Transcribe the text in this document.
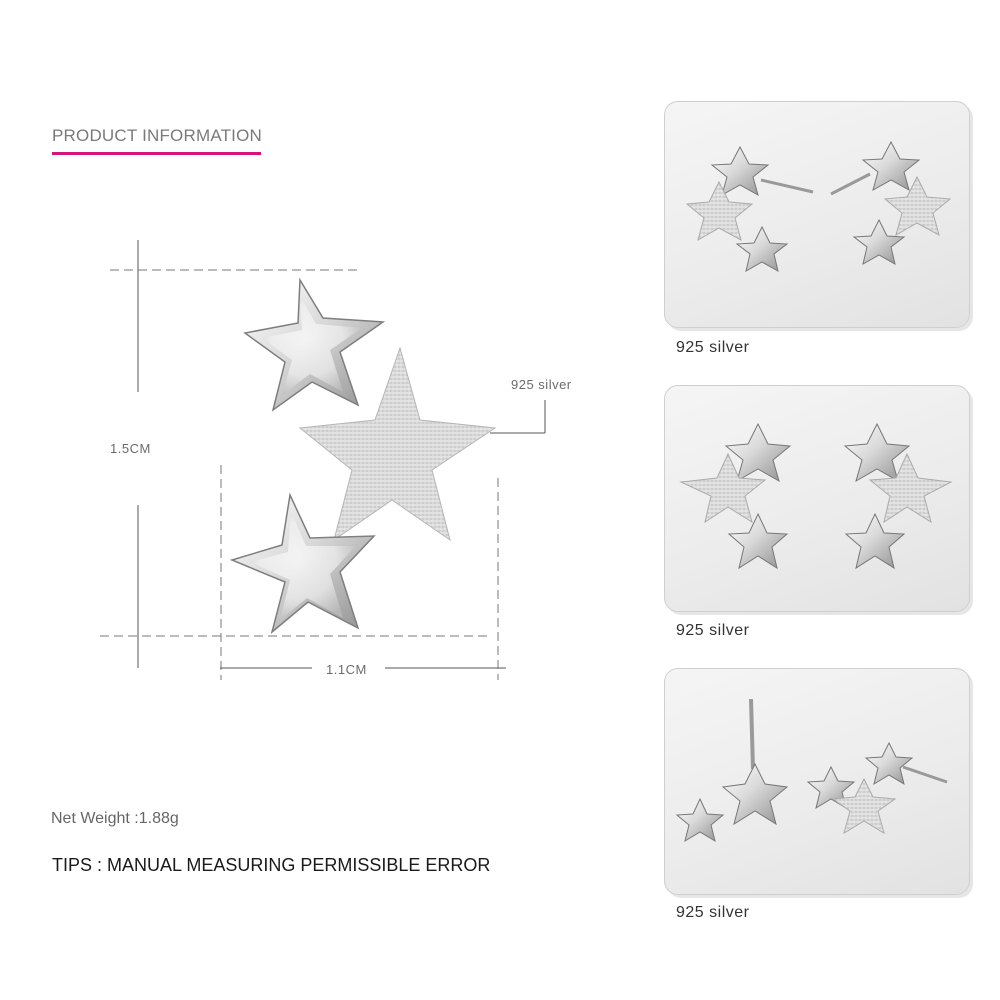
PRODUCT INFORMATION
1.5CM
1.1CM
925 silver
Net Weight :1.88g
TIPS : MANUAL MEASURING PERMISSIBLE ERROR
925 silver
925 silver
925 silver
